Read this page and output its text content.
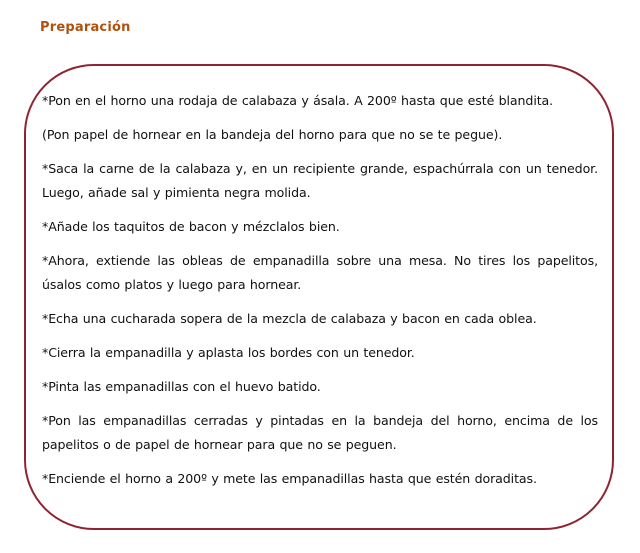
Preparación
*Pon en el horno una rodaja de calabaza y ásala. A 200º hasta que esté blandita.
(Pon papel de hornear en la bandeja del horno para que no se te pegue).
*Saca la carne de la calabaza y, en un recipiente grande, espachúrrala con un tenedor. Luego, añade sal y pimienta negra molida.
*Añade los taquitos de bacon y mézclalos bien.
*Ahora, extiende las obleas de empanadilla sobre una mesa. No tires los papelitos, úsalos como platos y luego para hornear.
*Echa una cucharada sopera de la mezcla de calabaza y bacon en cada oblea.
*Cierra la empanadilla y aplasta los bordes con un tenedor.
*Pinta las empanadillas con el huevo batido.
*Pon las empanadillas cerradas y pintadas en la bandeja del horno, encima de los papelitos o de papel de hornear para que no se peguen.
*Enciende el horno a 200º y mete las empanadillas hasta que estén doraditas.
